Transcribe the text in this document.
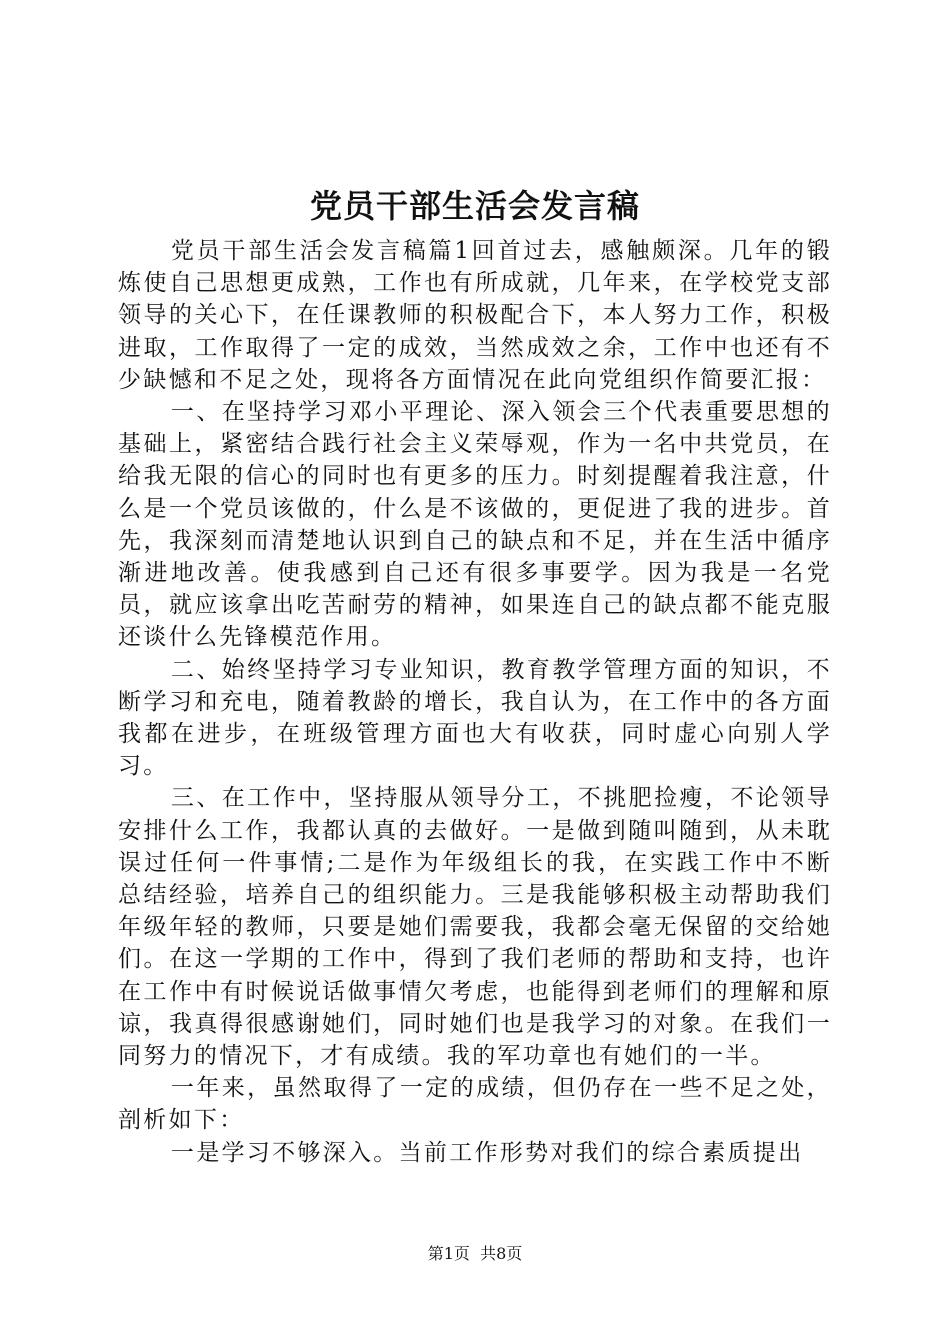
党员干部生活会发言稿

党员干部生活会发言稿篇1回首过去，感触颇深。几年的锻炼使自己思想更成熟，工作也有所成就，几年来，在学校党支部领导的关心下，在任课教师的积极配合下，本人努力工作，积极进取，工作取得了一定的成效，当然成效之余，工作中也还有不少缺憾和不足之处，现将各方面情况在此向党组织作简要汇报：

一、在坚持学习邓小平理论、深入领会三个代表重要思想的基础上，紧密结合践行社会主义荣辱观，作为一名中共党员，在给我无限的信心的同时也有更多的压力。时刻提醒着我注意，什么是一个党员该做的，什么是不该做的，更促进了我的进步。首先，我深刻而清楚地认识到自己的缺点和不足，并在生活中循序渐进地改善。使我感到自己还有很多事要学。因为我是一名党员，就应该拿出吃苦耐劳的精神，如果连自己的缺点都不能克服还谈什么先锋模范作用。

二、始终坚持学习专业知识，教育教学管理方面的知识，不断学习和充电，随着教龄的增长，我自认为，在工作中的各方面我都在进步，在班级管理方面也大有收获，同时虚心向别人学习。

三、在工作中，坚持服从领导分工，不挑肥捡瘦，不论领导安排什么工作，我都认真的去做好。一是做到随叫随到，从未耽误过任何一件事情;二是作为年级组长的我，在实践工作中不断总结经验，培养自己的组织能力。三是我能够积极主动帮助我们年级年轻的教师，只要是她们需要我，我都会毫无保留的交给她们。在这一学期的工作中，得到了我们老师的帮助和支持，也许在工作中有时候说话做事情欠考虑，也能得到老师们的理解和原谅，我真得很感谢她们，同时她们也是我学习的对象。在我们一同努力的情况下，才有成绩。我的军功章也有她们的一半。

一年来，虽然取得了一定的成绩，但仍存在一些不足之处，剖析如下：

一是学习不够深入。当前工作形势对我们的综合素质提出

第1页 共8页
